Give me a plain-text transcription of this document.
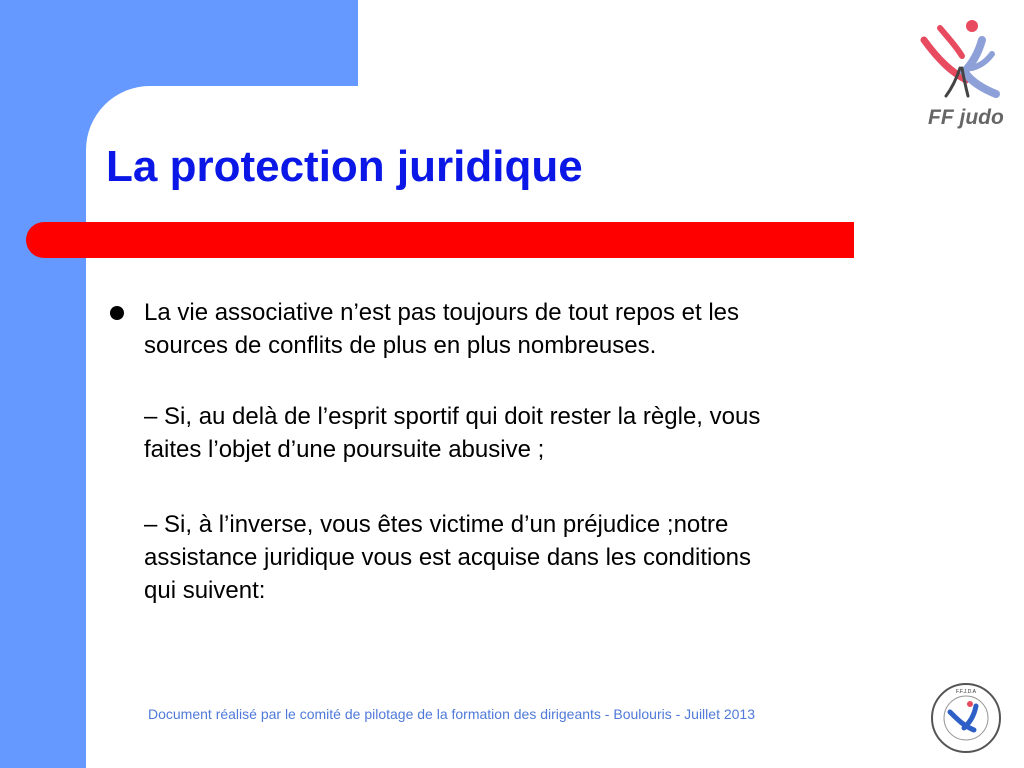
La protection juridique
La vie associative n’est pas toujours de tout repos et les
sources de conflits de plus en plus nombreuses.
– Si, au delà de l’esprit sportif qui doit rester la règle, vous
faites l’objet d’une poursuite abusive ;
– Si, à l’inverse, vous êtes victime d’un préjudice ;notre
assistance juridique vous est acquise dans les conditions
qui suivent:
Document réalisé par le comité de pilotage de la formation des dirigeants - Boulouris - Juillet 2013
FF judo
F.F.J.D.A
